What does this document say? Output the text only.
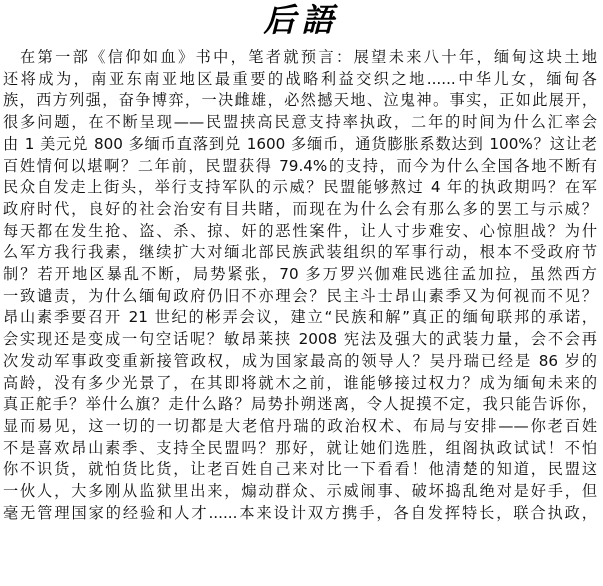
后語
在第一部《信仰如血》书中，笔者就预言：展望未来八十年，缅甸这块土地
还将成为，南亚东南亚地区最重要的战略利益交织之地......中华儿女，缅甸各
族，西方列强，奋争博弈，一决雌雄，必然撼天地、泣鬼神。事实，正如此展开，
很多问题，在不断呈现——民盟挟高民意支持率执政，二年的时间为什么汇率会
由 1 美元兑 800 多缅币直落到兑 1600 多缅币，通货膨胀系数达到 100%？这让老
百姓情何以堪啊？二年前，民盟获得 79.4%的支持，而今为什么全国各地不断有
民众自发走上街头，举行支持军队的示威？民盟能够熬过 4 年的执政期吗？在军
政府时代，良好的社会治安有目共睹，而现在为什么会有那么多的罢工与示威？
每天都在发生抢、盗、杀、掠、奸的恶性案件，让人寸步难安、心惊胆战？为什
么军方我行我素，继续扩大对缅北部民族武装组织的军事行动，根本不受政府节
制？若开地区暴乱不断，局势紧张，70 多万罗兴伽难民逃往孟加拉，虽然西方
一致谴责，为什么缅甸政府仍旧不亦理会？民主斗士昂山素季又为何视而不见？
昂山素季要召开 21 世纪的彬弄会议，建立“民族和解”真正的缅甸联邦的承诺，
会实现还是变成一句空话呢？敏昂莱挟 2008 宪法及强大的武装力量，会不会再
次发动军事政变重新接管政权，成为国家最高的领导人？吴丹瑞已经是 86 岁的
高龄，没有多少光景了，在其即将就木之前，谁能够接过权力？成为缅甸未来的
真正舵手？举什么旗？走什么路？局势扑朔迷离，令人捉摸不定，我只能告诉你，
显而易见，这一切的一切都是大老倌丹瑞的政治权术、布局与安排——你老百姓
不是喜欢昂山素季、支持全民盟吗？那好，就让她们选胜，组阁执政试试！不怕
你不识货，就怕货比货，让老百姓自己来对比一下看看！他清楚的知道，民盟这
一伙人，大多刚从监狱里出来，煽动群众、示威闹事、破坏捣乱绝对是好手，但
毫无管理国家的经验和人才......本来设计双方携手，各自发挥特长，联合执政，
